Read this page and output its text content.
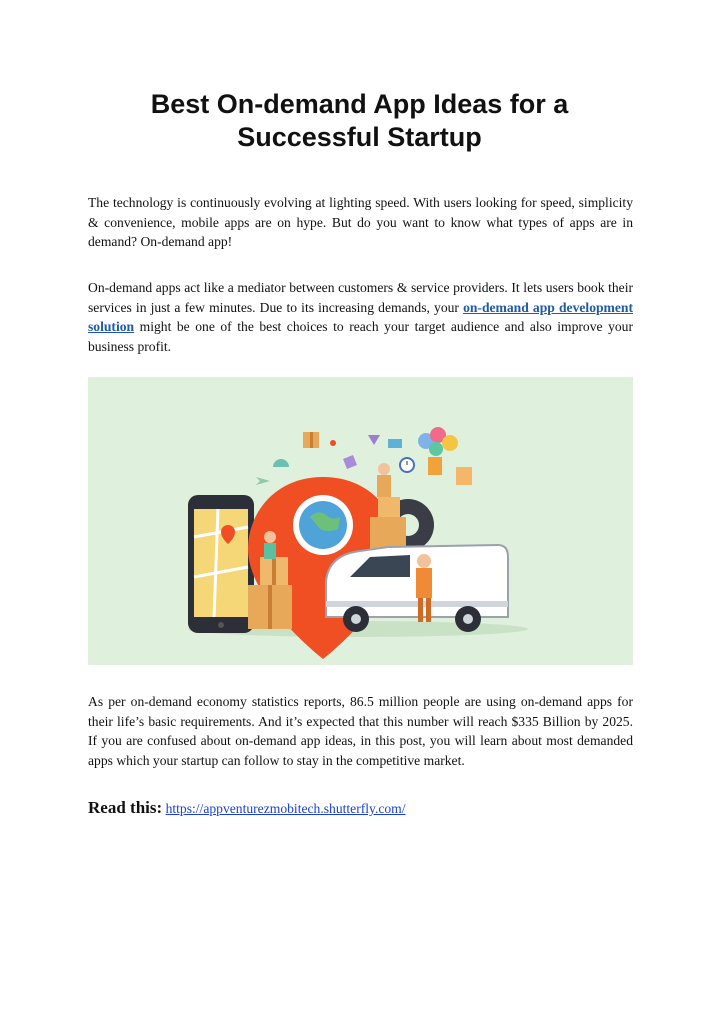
Best On-demand App Ideas for a
Successful Startup

The technology is continuously evolving at lighting speed. With users looking for speed, simplicity & convenience, mobile apps are on hype. But do you want to know what types of apps are in demand? On-demand app!

On-demand apps act like a mediator between customers & service providers. It lets users book their services in just a few minutes. Due to its increasing demands, your on-demand app development solution might be one of the best choices to reach your target audience and also improve your business profit.

As per on-demand economy statistics reports, 86.5 million people are using on-demand apps for their life’s basic requirements. And it’s expected that this number will reach $335 Billion by 2025. If you are confused about on-demand app ideas, in this post, you will learn about most demanded apps which your startup can follow to stay in the competitive market.

Read this: https://appventurezmobitech.shutterfly.com/
